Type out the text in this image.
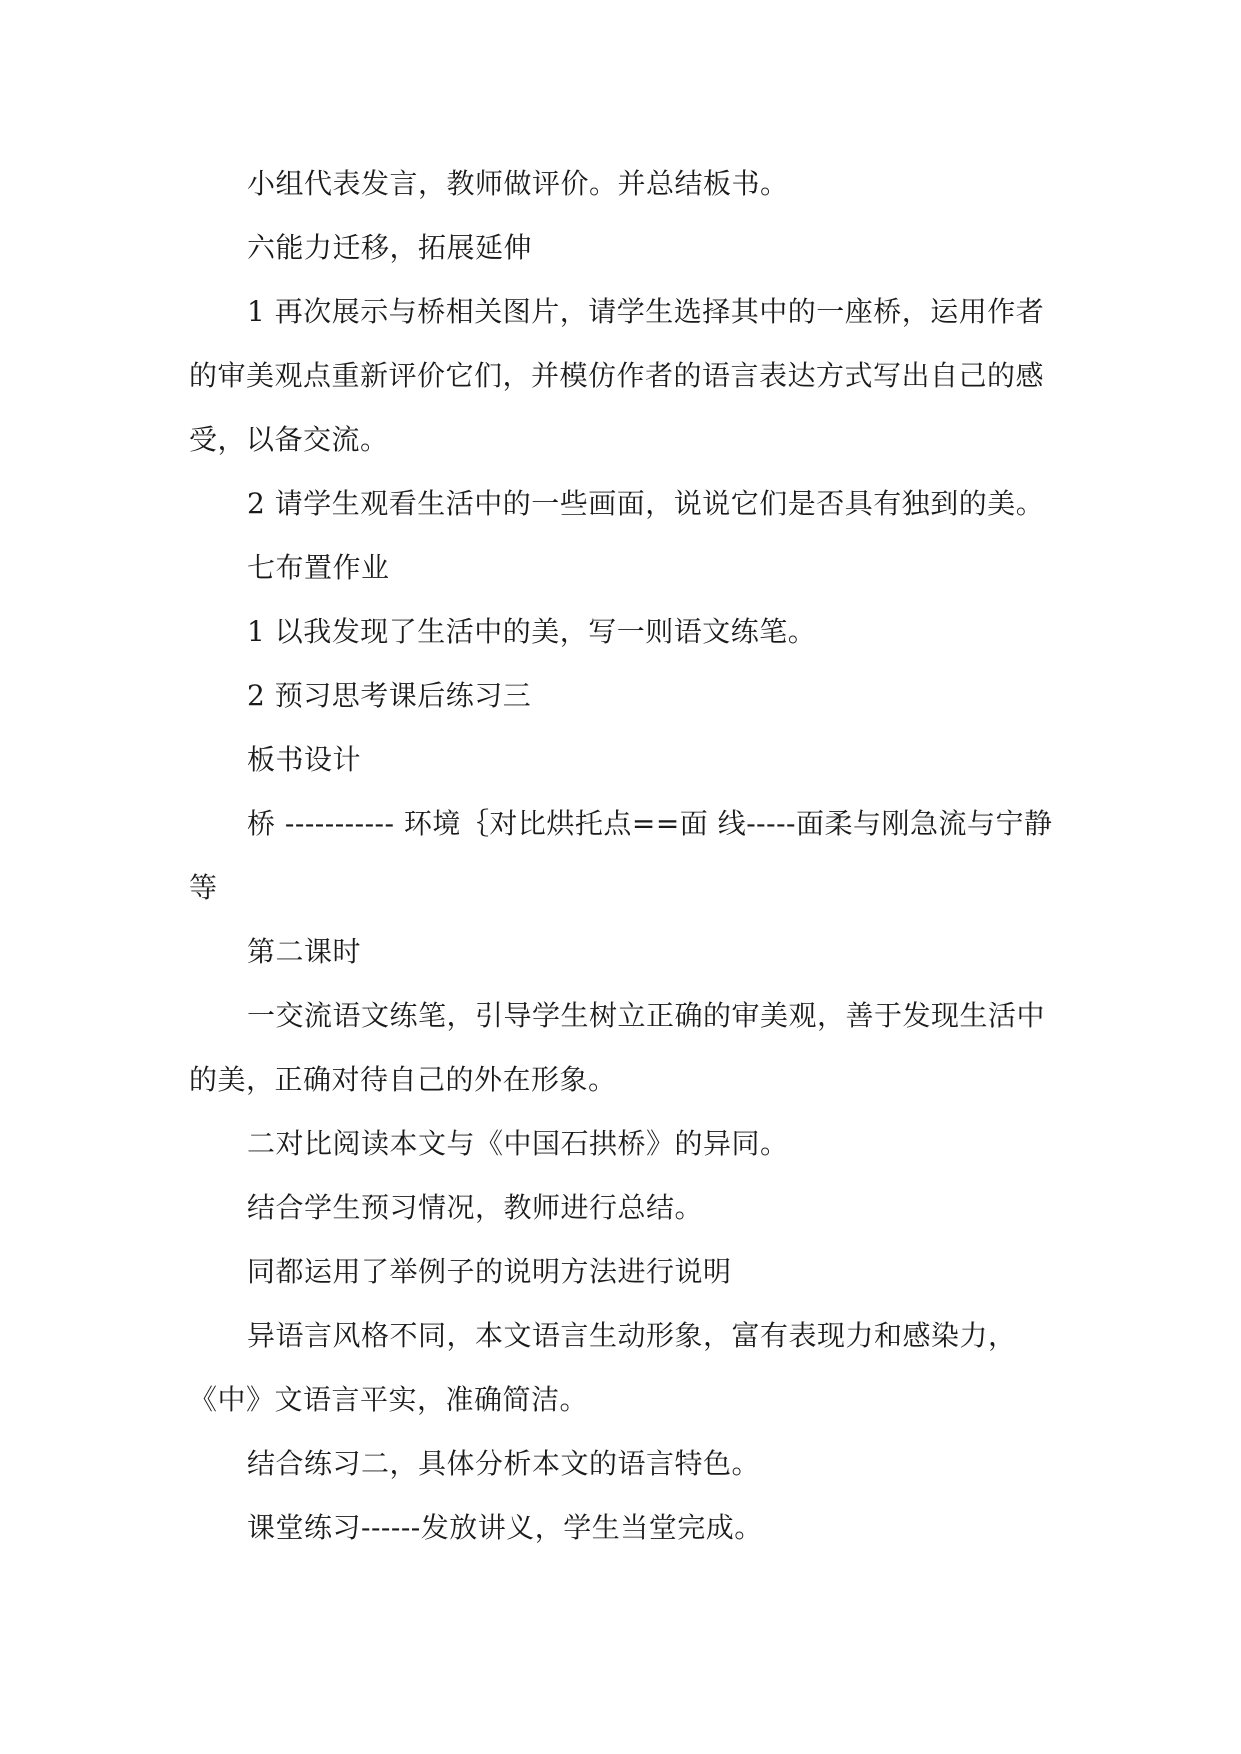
小组代表发言，教师做评价。并总结板书。

六能力迁移，拓展延伸

1 再次展示与桥相关图片，请学生选择其中的一座桥，运用作者的审美观点重新评价它们，并模仿作者的语言表达方式写出自己的感受，以备交流。

2 请学生观看生活中的一些画面，说说它们是否具有独到的美。

七布置作业

1 以我发现了生活中的美，写一则语文练笔。

2 预习思考课后练习三

板书设计

桥 ----------- 环境｛对比烘托点==面 线-----面柔与刚急流与宁静等

第二课时

一交流语文练笔，引导学生树立正确的审美观，善于发现生活中的美，正确对待自己的外在形象。

二对比阅读本文与《中国石拱桥》的异同。

结合学生预习情况，教师进行总结。

同都运用了举例子的说明方法进行说明

异语言风格不同，本文语言生动形象，富有表现力和感染力，《中》文语言平实，准确简洁。

结合练习二，具体分析本文的语言特色。

课堂练习------发放讲义，学生当堂完成。
